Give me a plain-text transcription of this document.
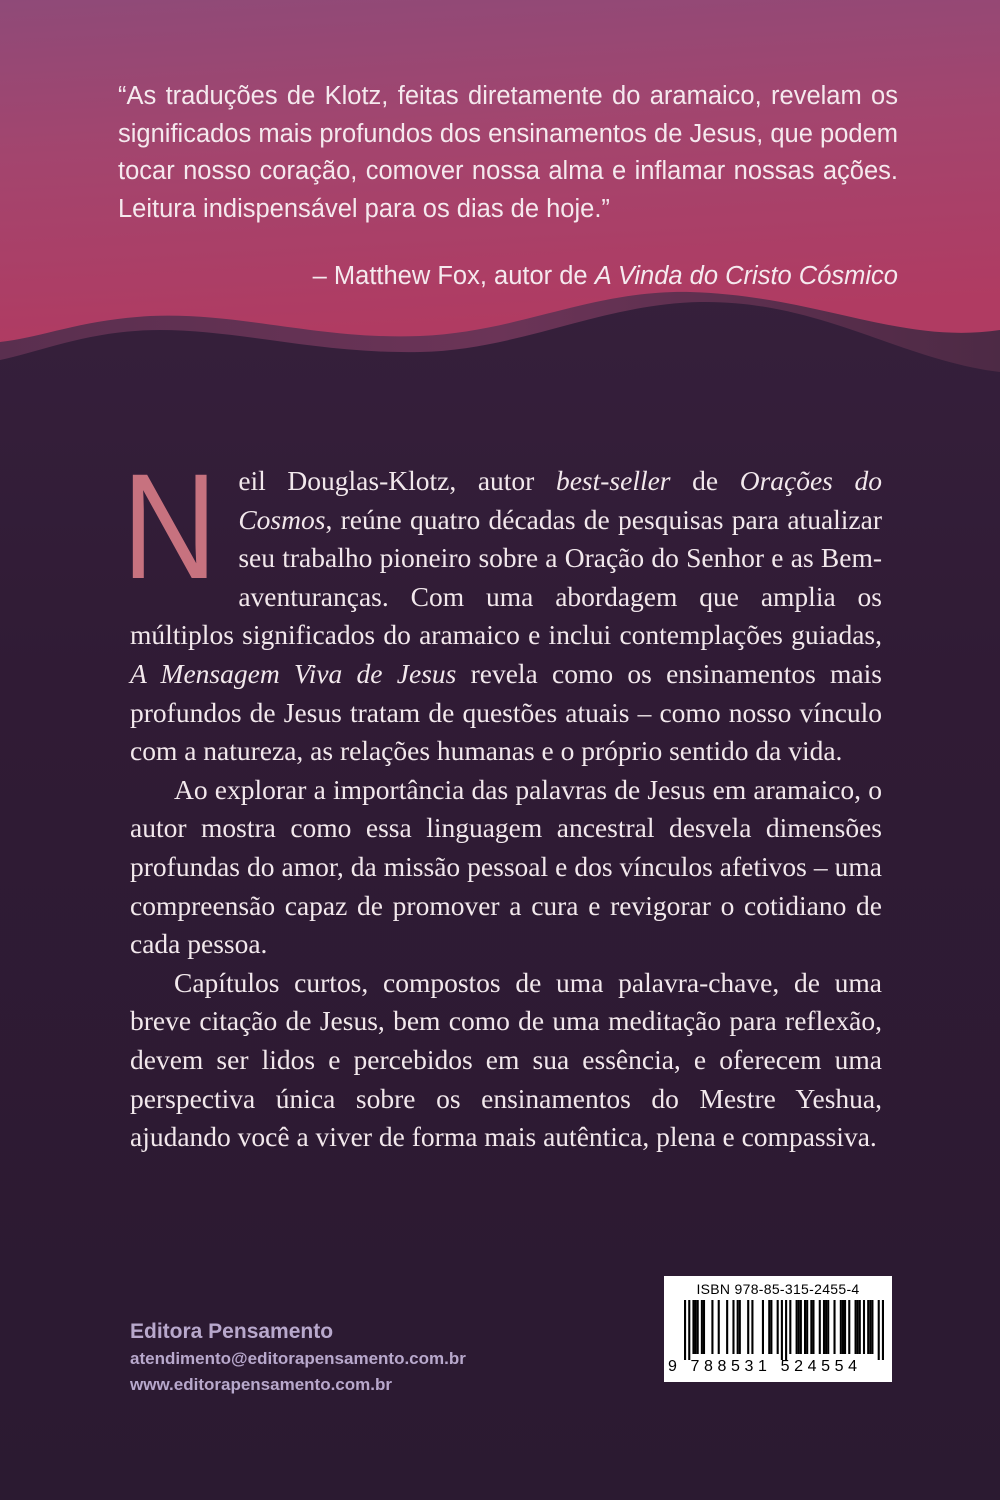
“As traduções de Klotz, feitas diretamente do aramaico, revelam os significados mais profundos dos ensinamentos de Jesus, que podem tocar nosso coração, comover nossa alma e inflamar nossas ações. Leitura indispensável para os dias de hoje.”

– Matthew Fox, autor de A Vinda do Cristo Cósmico

Neil Douglas-Klotz, autor best-seller de Orações do Cosmos, reúne quatro décadas de pesquisas para atualizar seu trabalho pioneiro sobre a Oração do Senhor e as Bem-aventuranças. Com uma abordagem que amplia os múltiplos significados do aramaico e inclui contemplações guiadas, A Mensagem Viva de Jesus revela como os ensinamentos mais profundos de Jesus tratam de questões atuais – como nosso vínculo com a natureza, as relações humanas e o próprio sentido da vida.

Ao explorar a importância das palavras de Jesus em aramaico, o autor mostra como essa linguagem ancestral desvela dimensões profundas do amor, da missão pessoal e dos vínculos afetivos – uma compreensão capaz de promover a cura e revigorar o cotidiano de cada pessoa.

Capítulos curtos, compostos de uma palavra-chave, de uma breve citação de Jesus, bem como de uma meditação para reflexão, devem ser lidos e percebidos em sua essência, e oferecem uma perspectiva única sobre os ensinamentos do Mestre Yeshua, ajudando você a viver de forma mais autêntica, plena e compassiva.

Editora Pensamento
atendimento@editorapensamento.com.br
www.editorapensamento.com.br
ISBN 978-85-315-2455-4
9 788531 524554
